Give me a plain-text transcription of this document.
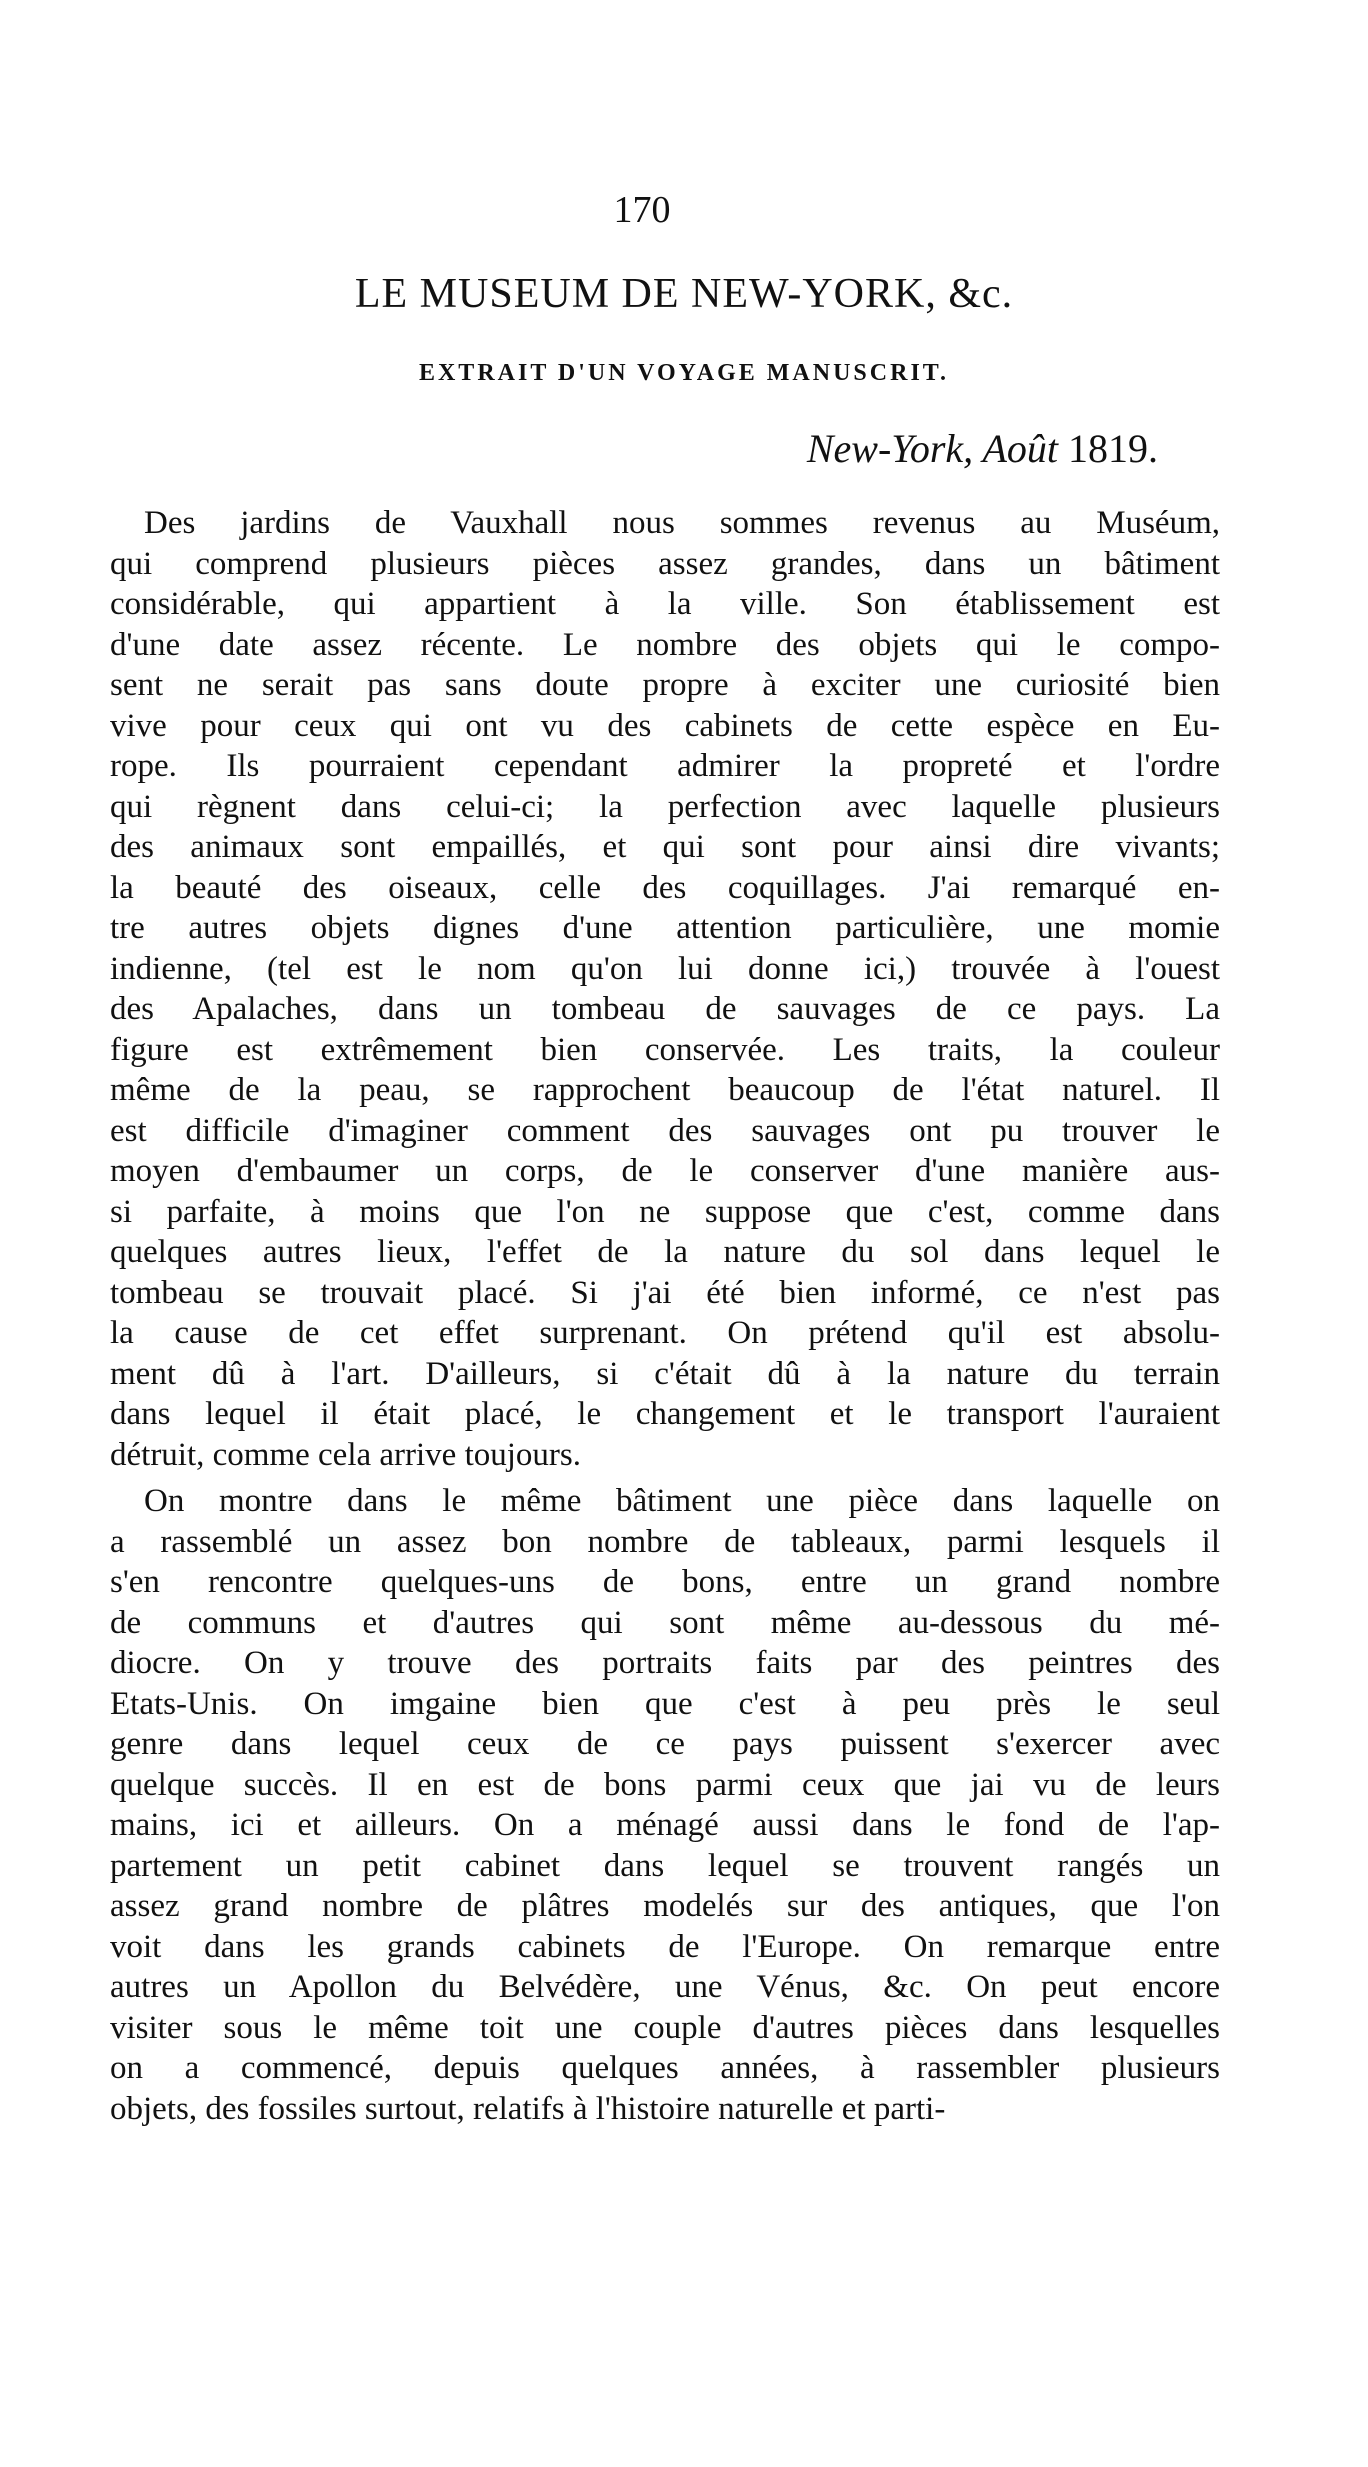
170
LE MUSEUM DE NEW-YORK, &c.
EXTRAIT D'UN VOYAGE MANUSCRIT.
New-York, Août 1819.
Des jardins de Vauxhall nous sommes revenus au Muséum,
qui comprend plusieurs pièces assez grandes, dans un bâtiment
considérable, qui appartient à la ville. Son établissement est
d'une date assez récente. Le nombre des objets qui le compo-
sent ne serait pas sans doute propre à exciter une curiosité bien
vive pour ceux qui ont vu des cabinets de cette espèce en Eu-
rope. Ils pourraient cependant admirer la propreté et l'ordre
qui règnent dans celui-ci; la perfection avec laquelle plusieurs
des animaux sont empaillés, et qui sont pour ainsi dire vivants;
la beauté des oiseaux, celle des coquillages. J'ai remarqué en-
tre autres objets dignes d'une attention particulière, une momie
indienne, (tel est le nom qu'on lui donne ici,) trouvée à l'ouest
des Apalaches, dans un tombeau de sauvages de ce pays. La
figure est extrêmement bien conservée. Les traits, la couleur
même de la peau, se rapprochent beaucoup de l'état naturel. Il
est difficile d'imaginer comment des sauvages ont pu trouver le
moyen d'embaumer un corps, de le conserver d'une manière aus-
si parfaite, à moins que l'on ne suppose que c'est, comme dans
quelques autres lieux, l'effet de la nature du sol dans lequel le
tombeau se trouvait placé. Si j'ai été bien informé, ce n'est pas
la cause de cet effet surprenant. On prétend qu'il est absolu-
ment dû à l'art. D'ailleurs, si c'était dû à la nature du terrain
dans lequel il était placé, le changement et le transport l'auraient
détruit, comme cela arrive toujours.
On montre dans le même bâtiment une pièce dans laquelle on
a rassemblé un assez bon nombre de tableaux, parmi lesquels il
s'en rencontre quelques-uns de bons, entre un grand nombre
de communs et d'autres qui sont même au-dessous du mé-
diocre. On y trouve des portraits faits par des peintres des
Etats-Unis. On imgaine bien que c'est à peu près le seul
genre dans lequel ceux de ce pays puissent s'exercer avec
quelque succès. Il en est de bons parmi ceux que jai vu de leurs
mains, ici et ailleurs. On a ménagé aussi dans le fond de l'ap-
partement un petit cabinet dans lequel se trouvent rangés un
assez grand nombre de plâtres modelés sur des antiques, que l'on
voit dans les grands cabinets de l'Europe. On remarque entre
autres un Apollon du Belvédère, une Vénus, &c. On peut encore
visiter sous le même toit une couple d'autres pièces dans lesquelles
on a commencé, depuis quelques années, à rassembler plusieurs
objets, des fossiles surtout, relatifs à l'histoire naturelle et parti-
